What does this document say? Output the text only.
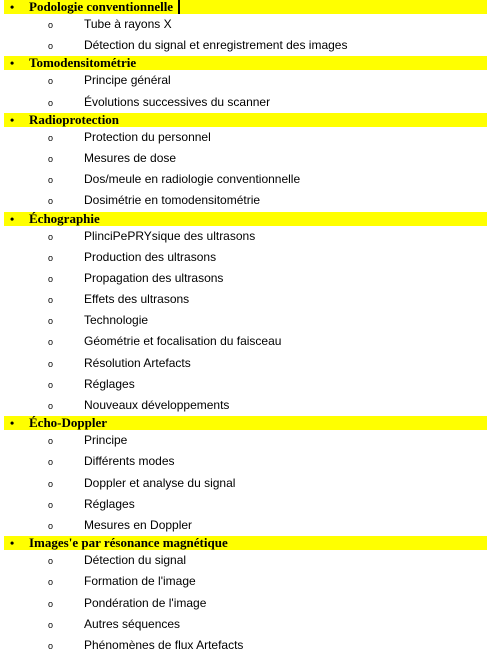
• Podologie conventionnelle
o	Tube à rayons X
o	Détection du signal et enregistrement des images
• Tomodensitométrie
o	Principe général
o	Évolutions successives du scanner
• Radioprotection
o	Protection du personnel
o	Mesures de dose
o	Dos/meule en radiologie conventionnelle
o	Dosimétrie en tomodensitométrie
• Échographie
o	PlinciPePRYsique des ultrasons
o	Production des ultrasons
o	Propagation des ultrasons
o	Effets des ultrasons
o	Technologie
o	Géométrie et focalisation du faisceau
o	Résolution Artefacts
o	Réglages
o	Nouveaux développements
• Écho-Doppler
o	Principe
o	Différents modes
o	Doppler et analyse du signal
o	Réglages
o	Mesures en Doppler
• Images'e par résonance magnétique
o	Détection du signal
o	Formation de l'image
o	Pondération de l'image
o	Autres séquences
o	Phénomènes de flux Artefacts
